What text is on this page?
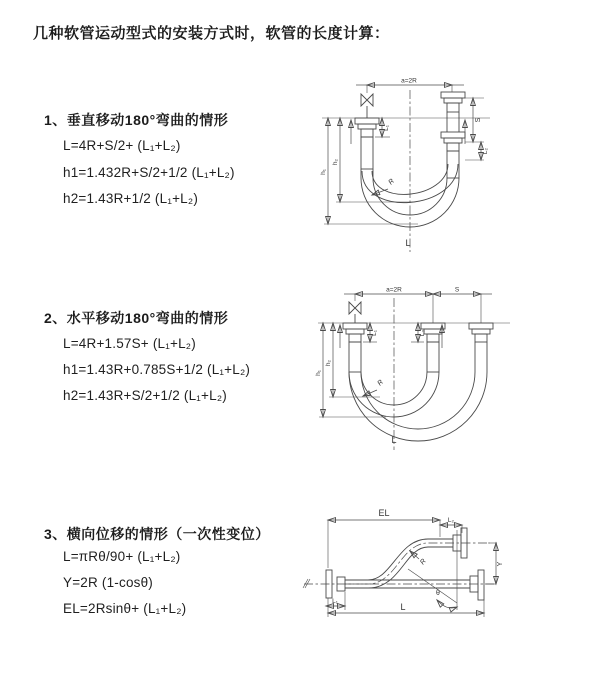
几种软管运动型式的安装方式时，软管的长度计算：
1、垂直移动180°弯曲的情形
L=4R+S/2+ (L₁+L₂)
h1=1.432R+S/2+1/2 (L₁+L₂)
h2=1.43R+1/2 (L₁+L₂)
2、水平移动180°弯曲的情形
L=4R+1.57S+ (L₁+L₂)
h1=1.43R+0.785S+1/2 (L₁+L₂)
h2=1.43R+S/2+1/2 (L₁+L₂)
3、横向位移的情形（一次性变位）
L=πRθ/90+ (L₁+L₂)
Y=2R (1-cosθ)
EL=2Rsinθ+ (L₁+L₂)
a=2R
L₁
h₁
h₂
S
L₂
R
L
a=2R	S
L₁	L₂
h₁
h₂
R
L
EL
L₂
Y
θ
R
L
L₁
